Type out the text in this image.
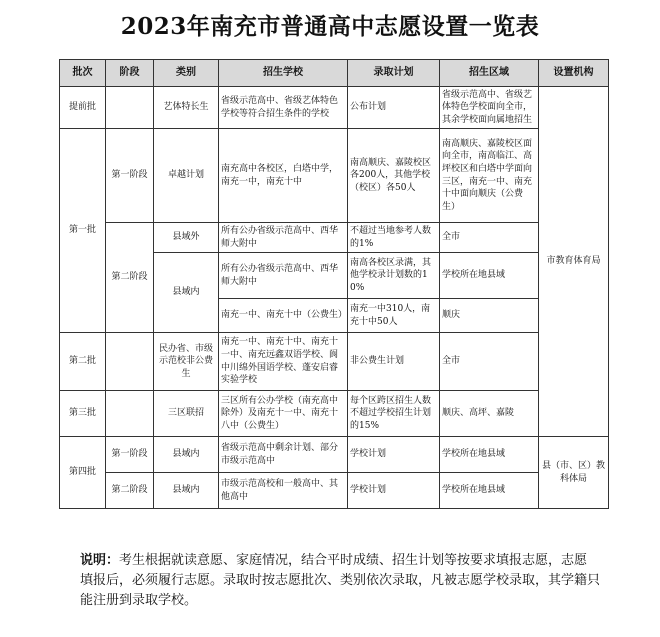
2023年南充市普通高中志愿设置一览表
批次	阶段	类别	招生学校	录取计划	招生区域	设置机构
提前批		艺体特长生	省级示范高中、省级艺体特色学校等符合招生条件的学校	公布计划	省级示范高中、省级艺体特色学校面向全市，其余学校面向属地招生	市教育体育局
第一批	第一阶段	卓越计划	南充高中各校区，白塔中学，南充一中，南充十中	南高顺庆、嘉陵校区各200人，其他学校（校区）各50人	南高顺庆、嘉陵校区面向全市，南高临江、高坪校区和白塔中学面向三区，南充一中、南充十中面向顺庆（公费生）	
	第二阶段	县域外	所有公办省级示范高中、西华师大附中	不超过当地参考人数的1%	全市	
		县域内	所有公办省级示范高中、西华师大附中	南高各校区录满，其他学校录计划数的10%	学校所在地县域	
			南充一中、南充十中（公费生）	南充一中310人，南充十中50人	顺庆	
第二批		民办省、市级示范校非公费生	南充一中、南充十中、南充十一中、南充远鑫双语学校、阆中川绵外国语学校、蓬安启睿实验学校	非公费生计划	全市	
第三批		三区联招	三区所有公办学校（南充高中除外）及南充十一中、南充十八中（公费生）	每个区跨区招生人数不超过学校招生计划的15%	顺庆、高坪、嘉陵	
第四批	第一阶段	县域内	省级示范高中剩余计划、部分市级示范高中	学校计划	学校所在地县域	县（市、区）教科体局
	第二阶段	县域内	市级示范高校和一般高中、其他高中	学校计划	学校所在地县域	
说明：考生根据就读意愿、家庭情况，结合平时成绩、招生计划等按要求填报志愿，志愿填报后，必须履行志愿。录取时按志愿批次、类别依次录取，凡被志愿学校录取，其学籍只能注册到录取学校。
